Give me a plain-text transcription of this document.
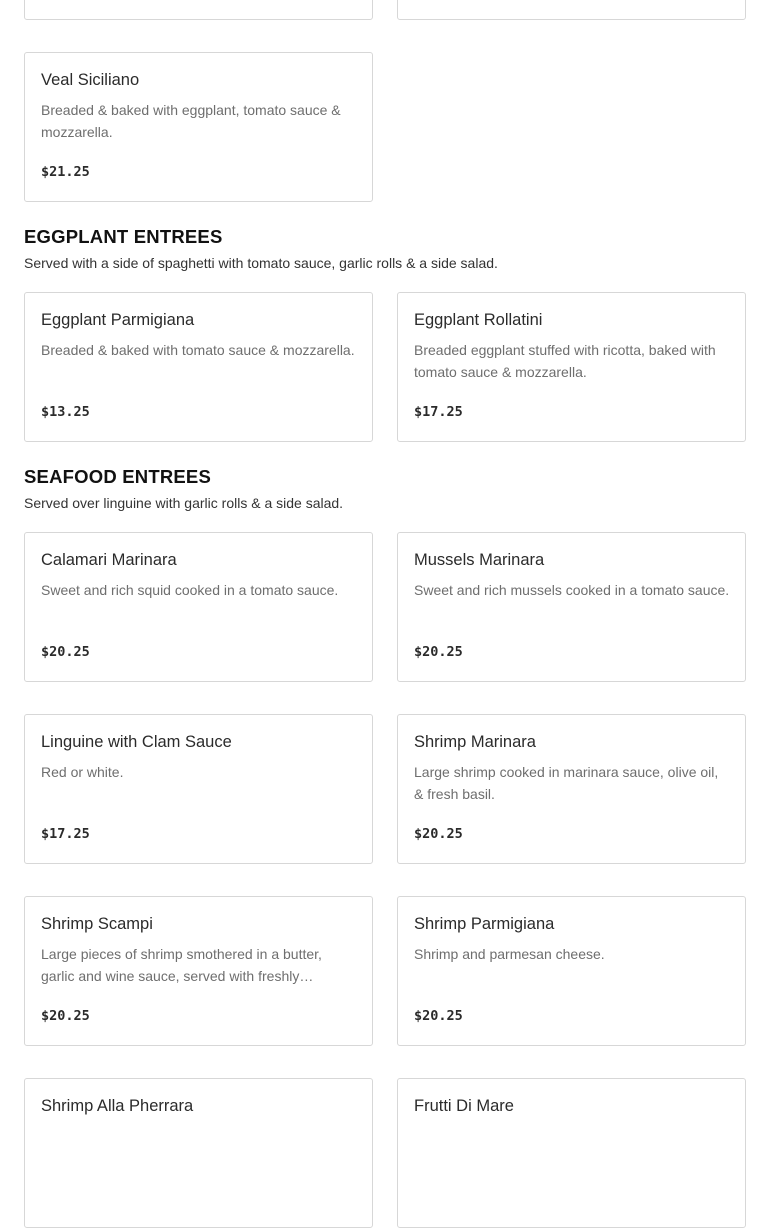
Veal Siciliano
Breaded & baked with eggplant, tomato sauce & mozzarella.
$21.25
EGGPLANT ENTREES
Served with a side of spaghetti with tomato sauce, garlic rolls & a side salad.
Eggplant Parmigiana
Breaded & baked with tomato sauce & mozzarella.
$13.25
Eggplant Rollatini
Breaded eggplant stuffed with ricotta, baked with tomato sauce & mozzarella.
$17.25
SEAFOOD ENTREES
Served over linguine with garlic rolls & a side salad.
Calamari Marinara
Sweet and rich squid cooked in a tomato sauce.
$20.25
Mussels Marinara
Sweet and rich mussels cooked in a tomato sauce.
$20.25
Linguine with Clam Sauce
Red or white.
$17.25
Shrimp Marinara
Large shrimp cooked in marinara sauce, olive oil, & fresh basil.
$20.25
Shrimp Scampi
Large pieces of shrimp smothered in a butter, garlic and wine sauce, served with freshly…
$20.25
Shrimp Parmigiana
Shrimp and parmesan cheese.
$20.25
Shrimp Alla Pherrara	Frutti Di Mare
